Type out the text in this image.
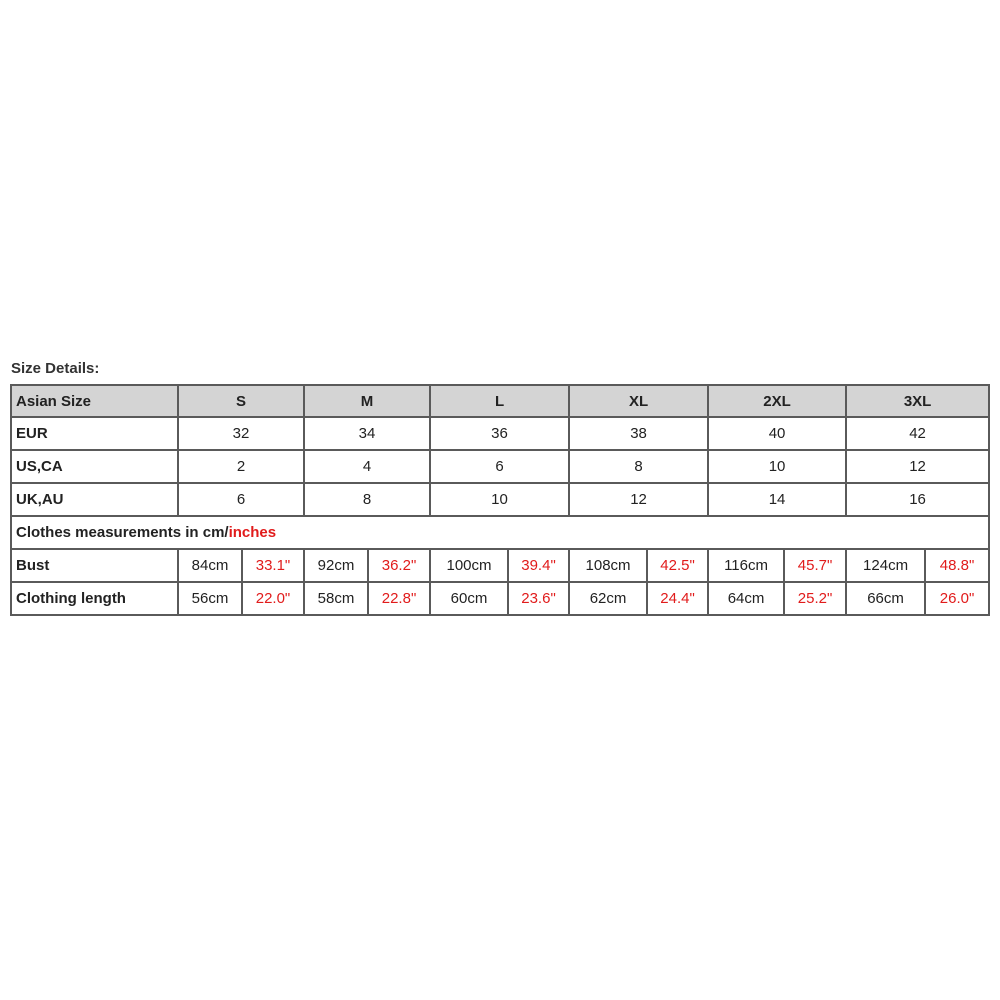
Size Details:
Asian Size	S		M		L		XL		2XL		3XL	
EUR	32		34		36		38		40		42	
US,CA	2		4		6		8		10		12	
UK,AU	6		8		10		12		14		16	
Clothes measurements in cm/inches												
Bust	84cm	33.1"	92cm	36.2"	100cm	39.4"	108cm	42.5"	116cm	45.7"	124cm	48.8"
Clothing length	56cm	22.0"	58cm	22.8"	60cm	23.6"	62cm	24.4"	64cm	25.2"	66cm	26.0"
